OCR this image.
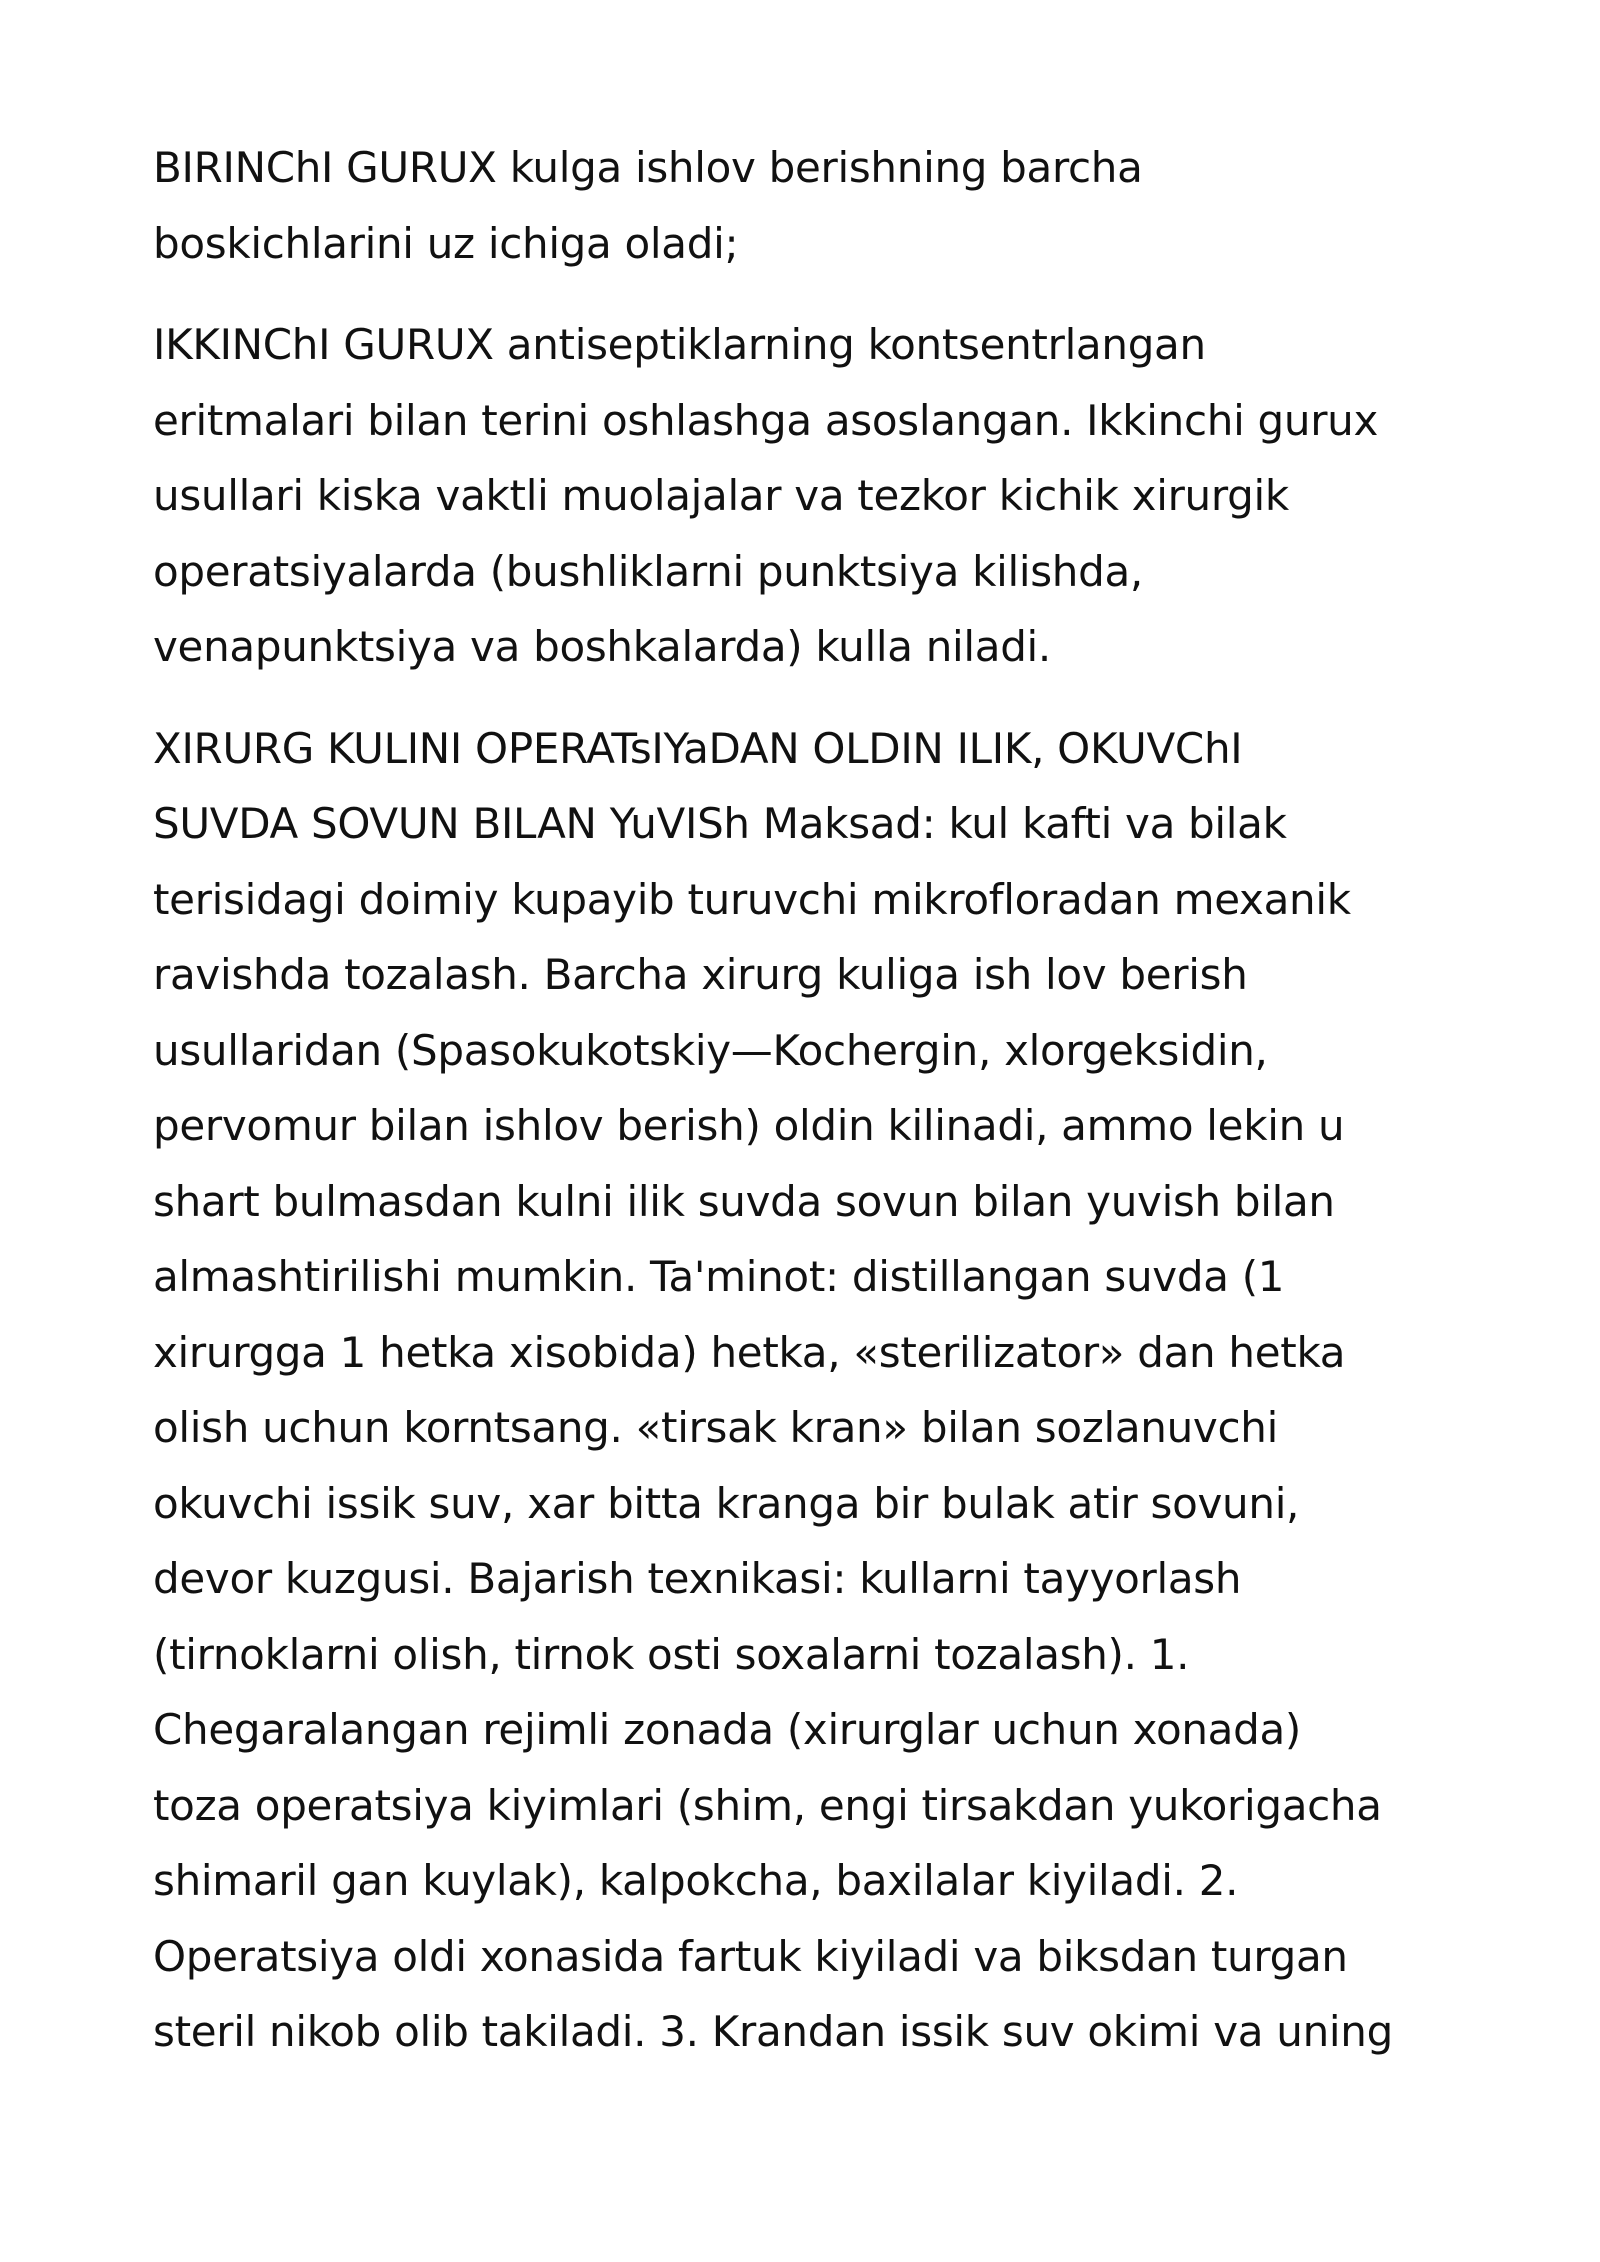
BIRINChI GURUX kulga ishlov berishning barcha
boskichlarini uz ichiga oladi;
IKKINChI GURUX antiseptiklarning kontsentrlangan
eritmalari bilan terini oshlashga asoslangan. Ikkinchi gurux
usullari kiska vaktli muolajalar va tezkor kichik xirurgik
operatsiyalarda (bushliklarni punktsiya kilishda,
venapunktsiya va boshkalarda) kulla niladi.
XIRURG KULINI OPERATsIYaDAN OLDIN ILIK, OKUVChI
SUVDA SOVUN BILAN YuVISh Maksad: kul kafti va bilak
terisidagi doimiy kupayib turuvchi mikrofloradan mexanik
ravishda tozalash. Barcha xirurg kuliga ish lov berish
usullaridan (Spasokukotskiy—Kochergin, xlorgeksidin,
pervomur bilan ishlov berish) oldin kilinadi, ammo lekin u
shart bulmasdan kulni ilik suvda sovun bilan yuvish bilan
almashtirilishi mumkin. Ta'minot: distillangan suvda (1
xirurgga 1 hetka xisobida) hetka, «sterilizator» dan hetka
olish uchun korntsang. «tirsak kran» bilan sozlanuvchi
okuvchi issik suv, xar bitta kranga bir bulak atir sovuni,
devor kuzgusi. Bajarish texnikasi: kullarni tayyorlash
(tirnoklarni olish, tirnok osti soxalarni tozalash). 1.
Chegaralangan rejimli zonada (xirurglar uchun xonada)
toza operatsiya kiyimlari (shim, engi tirsakdan yukorigacha
shimaril gan kuylak), kalpokcha, baxilalar kiyiladi. 2.
Operatsiya oldi xonasida fartuk kiyiladi va biksdan turgan
steril nikob olib takiladi. 3. Krandan issik suv okimi va uning
